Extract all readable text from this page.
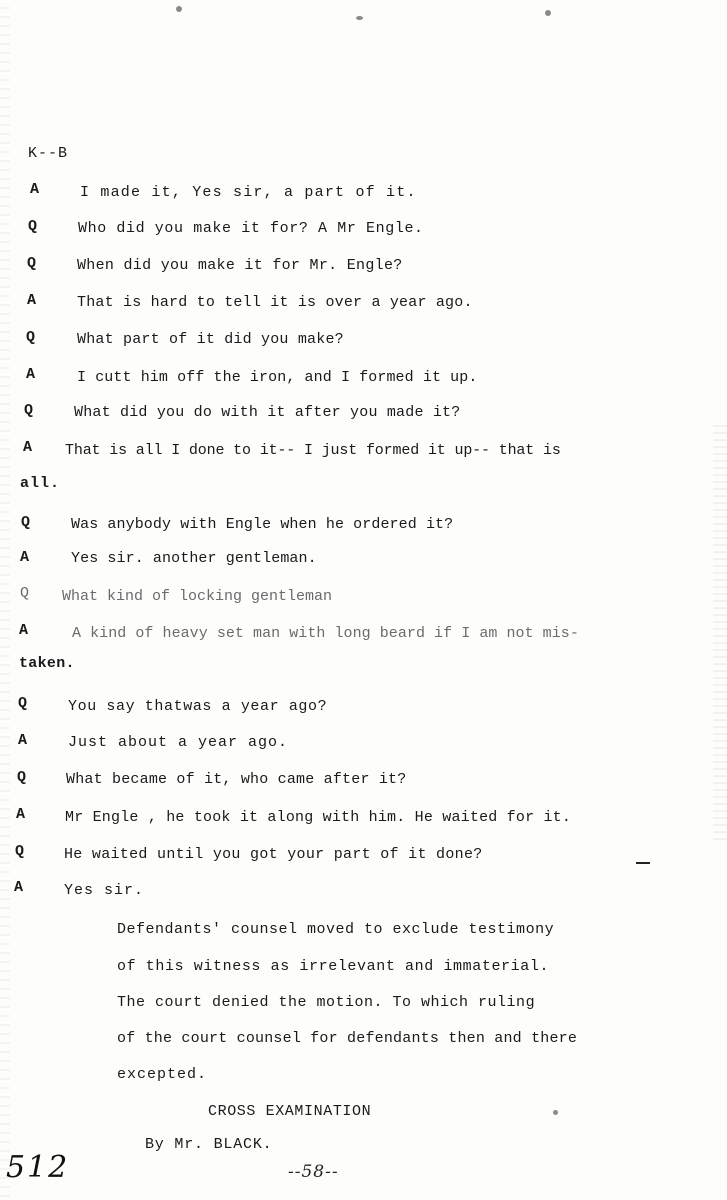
K--B
A	I made it, Yes sir, a part of it.
Q	Who did you make it for? A Mr Engle.
Q	When did you make it for Mr. Engle?
A	That is hard to tell it is over a year ago.
Q	What part of it did you make?
A	I cutt him off the iron, and I formed it up.
Q	What did you do with it after you made it?
A That is all I done to it-- I just formed it up-- that is
all.
Q	Was anybody with Engle when he ordered it?
A	Yes sir. another gentleman.
Q What kind of locking gentleman
A	A kind of heavy set man with long beard if I am not mis-
taken.
Q	You say thatwas a year ago?
A	Just about a year ago.
Q	What became of it, who came after it?
A	Mr Engle , he took it along with him. He waited for it.
Q	He waited until you got your part of it done?
A	Yes sir.
Defendants' counsel moved to exclude testimony
of this witness as irrelevant and immaterial.
The court denied the motion. To which ruling
of the court counsel for defendants then and there
excepted.
CROSS EXAMINATION
By Mr. BLACK.
512	--58--
